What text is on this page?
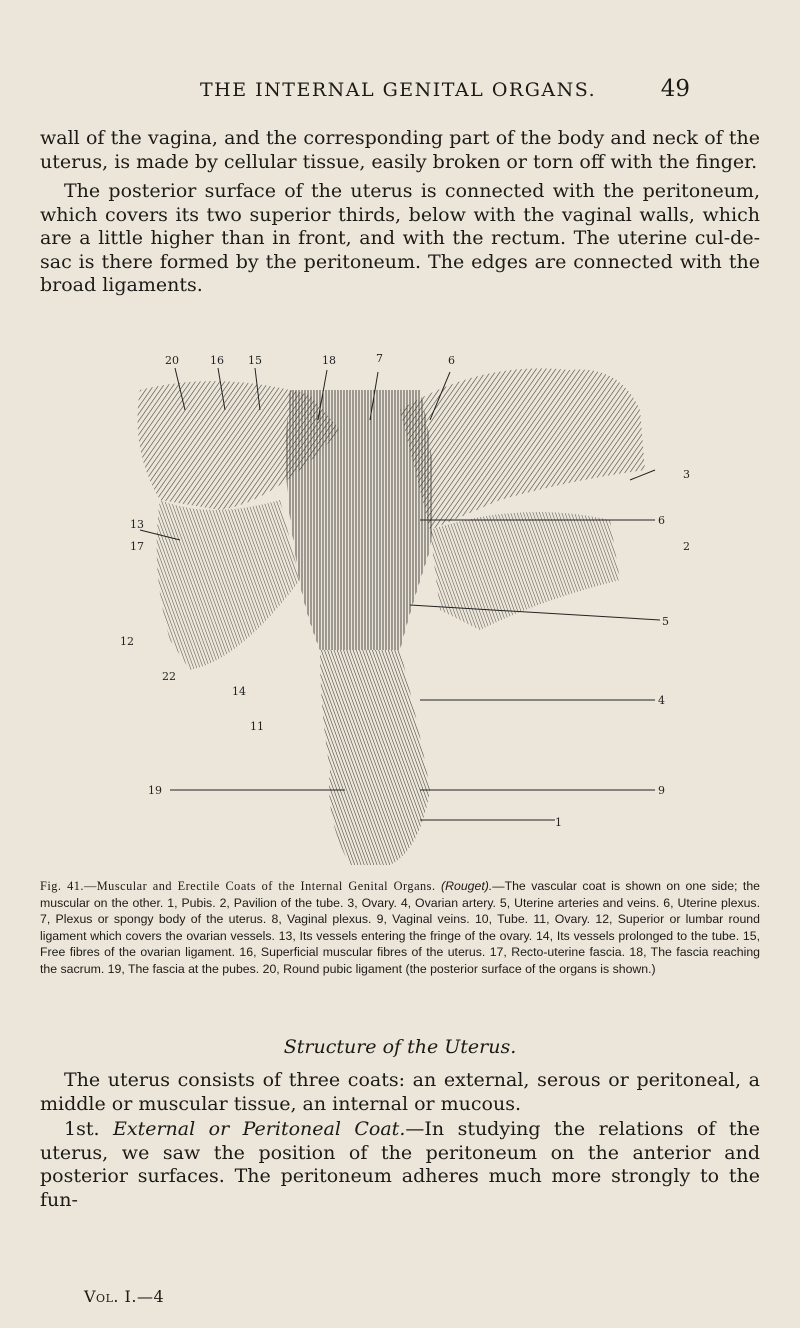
THE INTERNAL GENITAL ORGANS.	49

wall of the vagina, and the corresponding part of the body and neck of the uterus, is made by cellular tissue, easily broken or torn off with the finger.

The posterior surface of the uterus is connected with the peritoneum, which covers its two superior thirds, below with the vaginal walls, which are a little higher than in front, and with the rectum. The uterine cul-de-sac is there formed by the peritoneum. The edges are connected with the broad ligaments.

20	16 15	18	7	6
13
3
17
6
2
5
12
22
14
4
11
19	9
1

Fig. 41.—Muscular and Erectile Coats of the Internal Genital Organs. (Rouget).—The vascular coat is shown on one side; the muscular on the other. 1, Pubis. 2, Pavilion of the tube. 3, Ovary. 4, Ovarian artery. 5, Uterine arteries and veins. 6, Uterine plexus. 7, Plexus or spongy body of the uterus. 8, Vaginal plexus. 9, Vaginal veins. 10, Tube. 11, Ovary. 12, Superior or lumbar round ligament which covers the ovarian vessels. 13, Its vessels entering the fringe of the ovary. 14, Its vessels prolonged to the tube. 15, Free fibres of the ovarian ligament. 16, Superficial muscular fibres of the uterus. 17, Recto-uterine fascia. 18, The fascia reaching the sacrum. 19, The fascia at the pubes. 20, Round pubic ligament (the posterior surface of the organs is shown.)

Structure of the Uterus.

The uterus consists of three coats: an external, serous or peritoneal, a middle or muscular tissue, an internal or mucous.

1st. External or Peritoneal Coat.—In studying the relations of the uterus, we saw the position of the peritoneum on the anterior and posterior surfaces. The peritoneum adheres much more strongly to the fun-

Vol. I.—4
